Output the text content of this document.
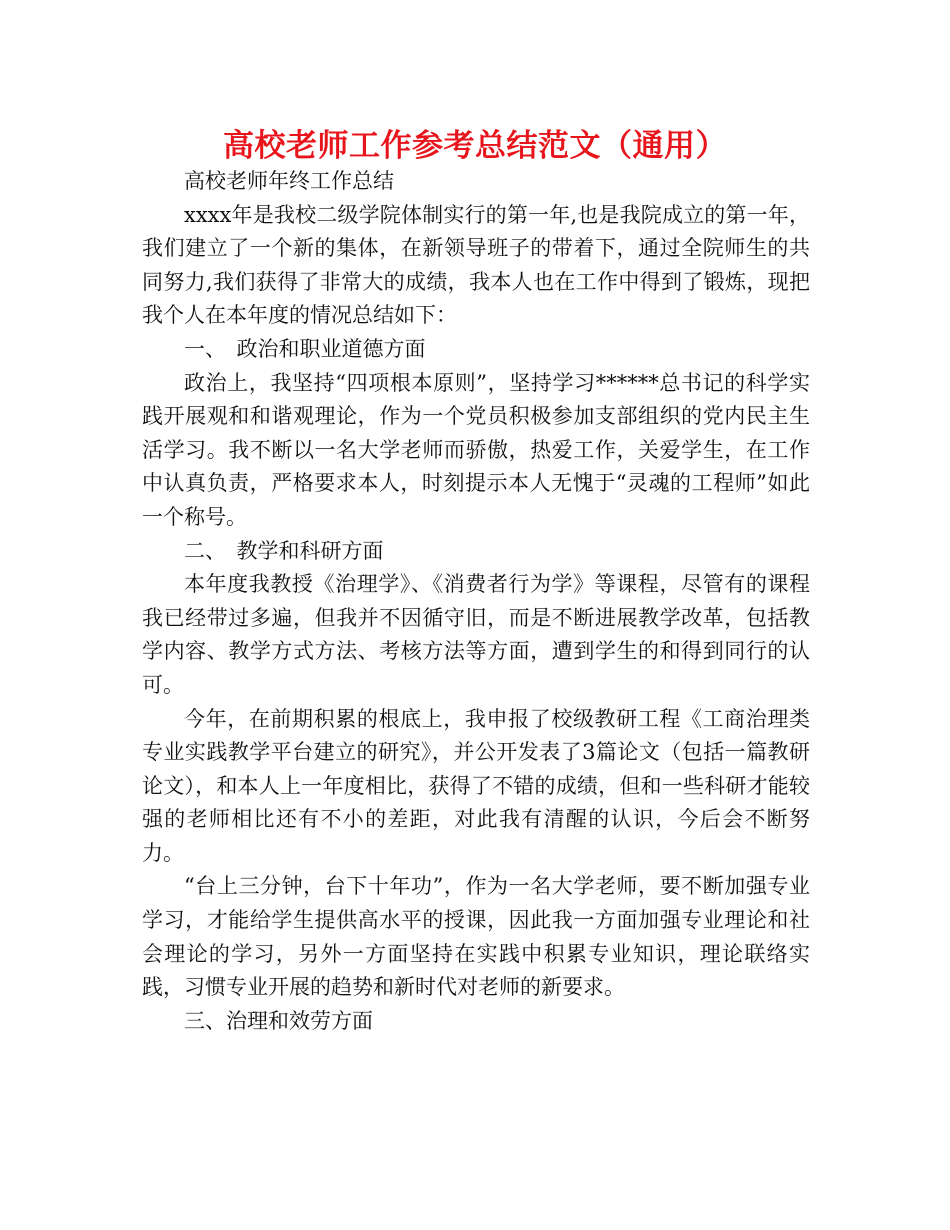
高校老师工作参考总结范文（通用）

高校老师年终工作总结

xxxx年是我校二级学院体制实行的第一年,也是我院成立的第一年，我们建立了一个新的集体，在新领导班子的带着下，通过全院师生的共同努力,我们获得了非常大的成绩，我本人也在工作中得到了锻炼，现把我个人在本年度的情况总结如下：

一、　政治和职业道德方面

政治上，我坚持“四项根本原则”，坚持学习******总书记的科学实践开展观和和谐观理论，作为一个党员积极参加支部组织的党内民主生活学习。我不断以一名大学老师而骄傲，热爱工作，关爱学生，在工作中认真负责，严格要求本人，时刻提示本人无愧于“灵魂的工程师”如此一个称号。

二、　教学和科研方面

本年度我教授《治理学》、《消费者行为学》等课程，尽管有的课程我已经带过多遍，但我并不因循守旧，而是不断进展教学改革，包括教学内容、教学方式方法、考核方法等方面，遭到学生的和得到同行的认可。

今年，在前期积累的根底上，我申报了校级教研工程《工商治理类专业实践教学平台建立的研究》，并公开发表了3篇论文（包括一篇教研论文），和本人上一年度相比，获得了不错的成绩，但和一些科研才能较强的老师相比还有不小的差距，对此我有清醒的认识，今后会不断努力。

“台上三分钟，台下十年功”，作为一名大学老师，要不断加强专业学习，才能给学生提供高水平的授课，因此我一方面加强专业理论和社会理论的学习，另外一方面坚持在实践中积累专业知识，理论联络实践，习惯专业开展的趋势和新时代对老师的新要求。

三、治理和效劳方面
